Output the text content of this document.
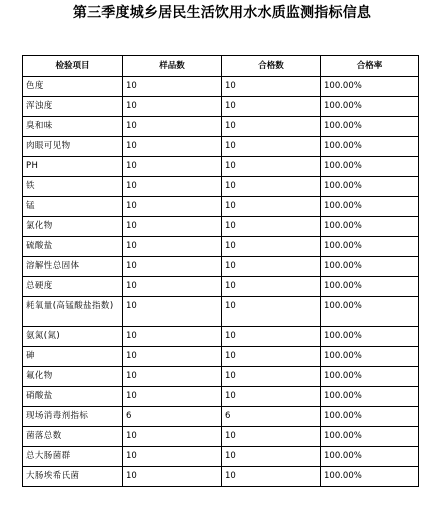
第三季度城乡居民生活饮用水水质监测指标信息
检验项目	样品数	合格数	合格率
色度	10	10	100.00%
浑浊度	10	10	100.00%
臭和味	10	10	100.00%
肉眼可见物	10	10	100.00%
PH	10	10	100.00%
铁	10	10	100.00%
锰	10	10	100.00%
氯化物	10	10	100.00%
硫酸盐	10	10	100.00%
溶解性总固体	10	10	100.00%
总硬度	10	10	100.00%
耗氧量(高锰酸盐指数)	10	10	100.00%
氨氮(氮)	10	10	100.00%
砷	10	10	100.00%
氟化物	10	10	100.00%
硝酸盐	10	10	100.00%
现场消毒剂指标	6	6	100.00%
菌落总数	10	10	100.00%
总大肠菌群	10	10	100.00%
大肠埃希氏菌	10	10	100.00%
